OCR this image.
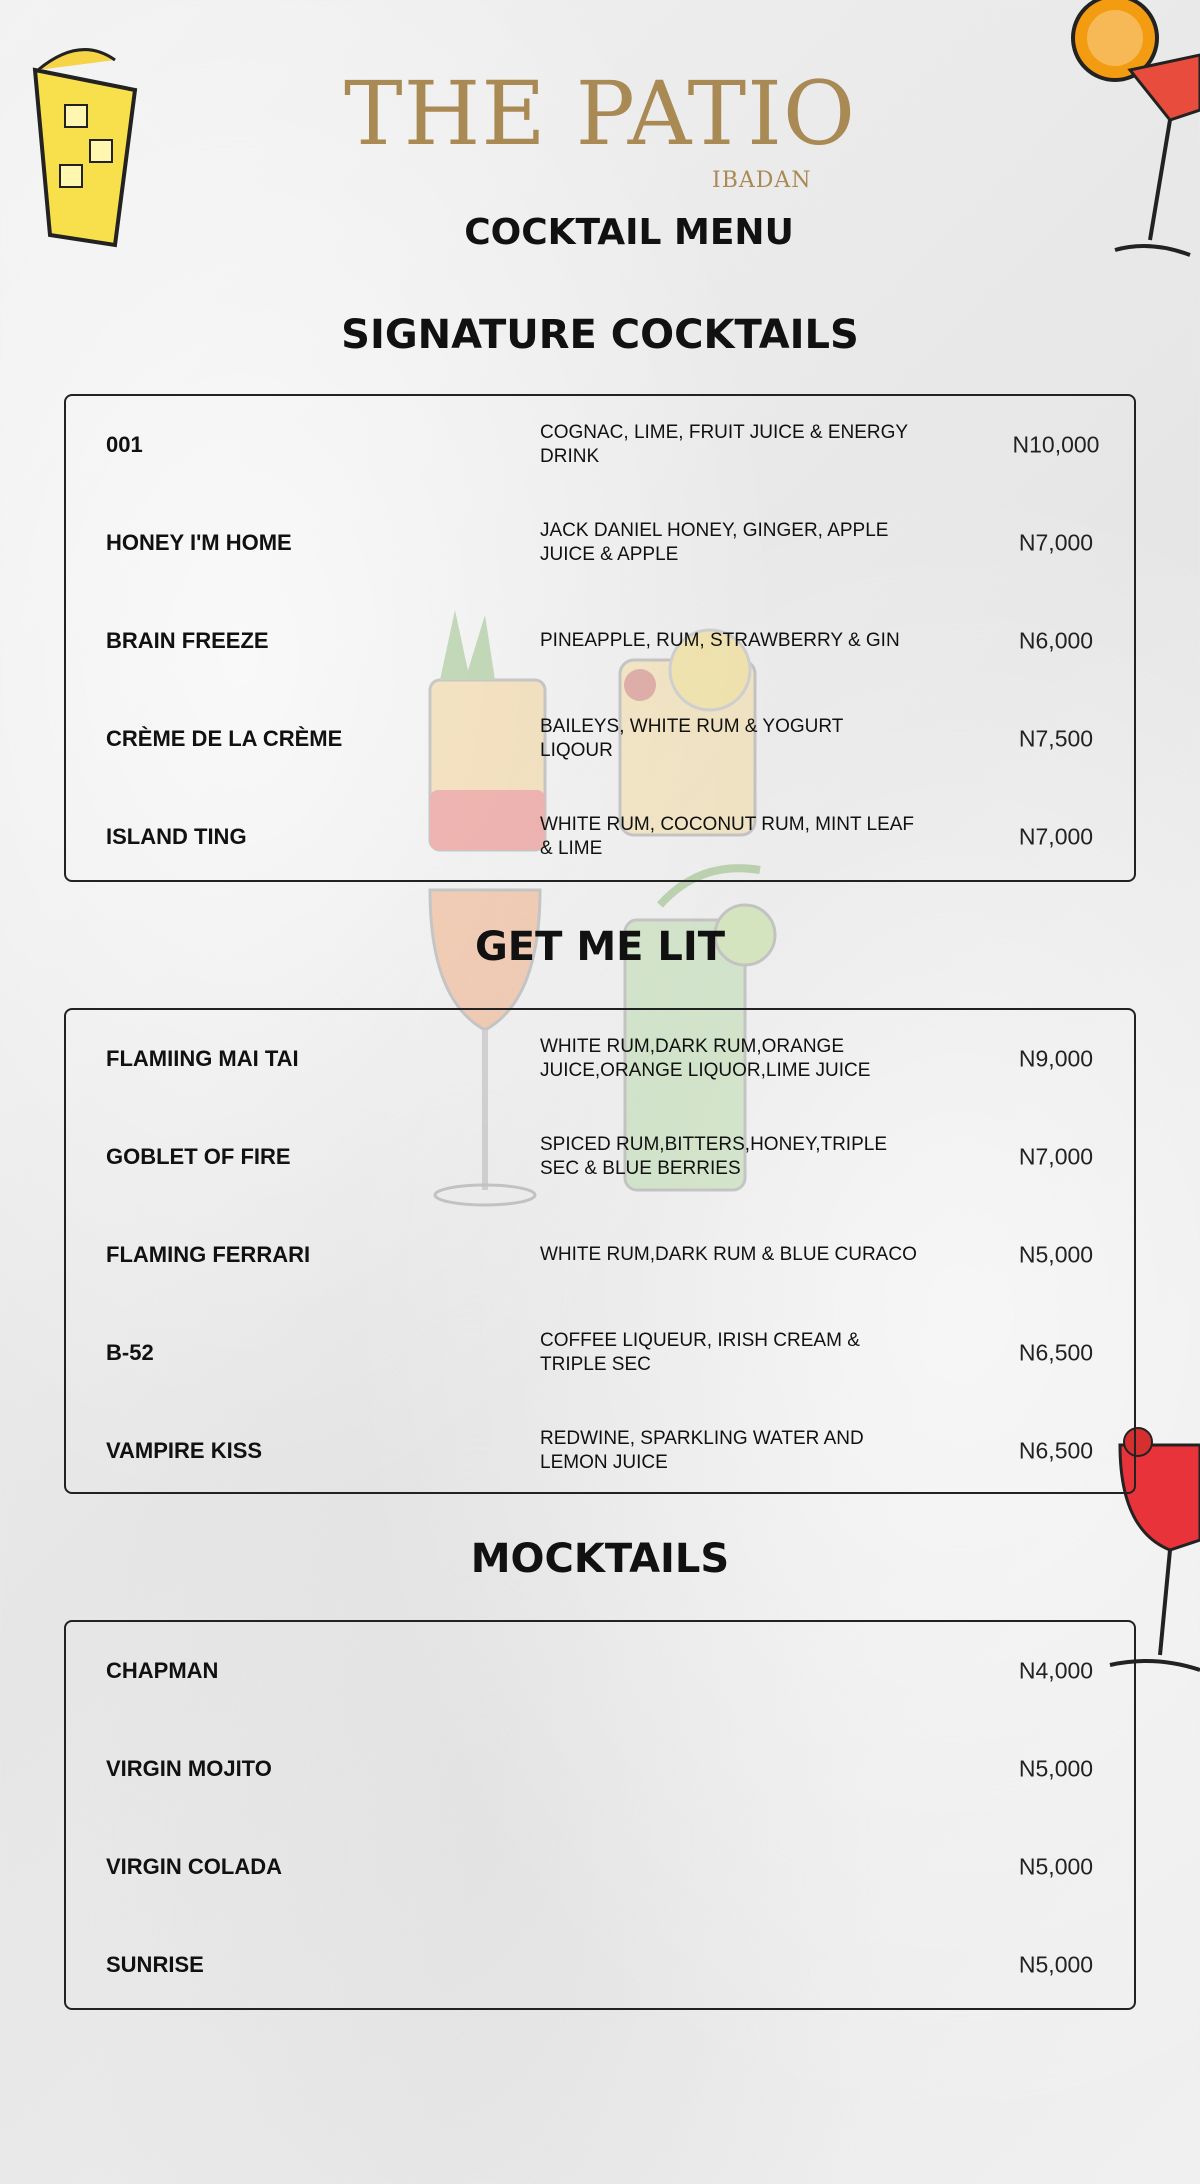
THE PATIO
IBADAN
COCKTAIL MENU
SIGNATURE COCKTAILS
001	COGNAC, LIME, FRUIT JUICE & ENERGY DRINK	N10,000
HONEY I'M HOME	JACK DANIEL HONEY, GINGER, APPLE JUICE & APPLE	N7,000
BRAIN FREEZE	PINEAPPLE, RUM, STRAWBERRY & GIN	N6,000
CRÈME DE LA CRÈME	BAILEYS, WHITE RUM & YOGURT LIQOUR	N7,500
ISLAND TING	WHITE RUM, COCONUT RUM, MINT LEAF & LIME	N7,000
GET ME LIT
FLAMIING MAI TAI	WHITE RUM,DARK RUM,ORANGE JUICE,ORANGE LIQUOR,LIME JUICE	N9,000
GOBLET OF FIRE	SPICED RUM,BITTERS,HONEY,TRIPLE SEC & BLUE BERRIES	N7,000
FLAMING FERRARI	WHITE RUM,DARK RUM & BLUE CURACO	N5,000
B-52	COFFEE LIQUEUR, IRISH CREAM & TRIPLE SEC	N6,500
VAMPIRE KISS	REDWINE, SPARKLING WATER AND LEMON JUICE	N6,500
MOCKTAILS
CHAPMAN	N4,000
VIRGIN MOJITO	N5,000
VIRGIN COLADA	N5,000
SUNRISE	N5,000
